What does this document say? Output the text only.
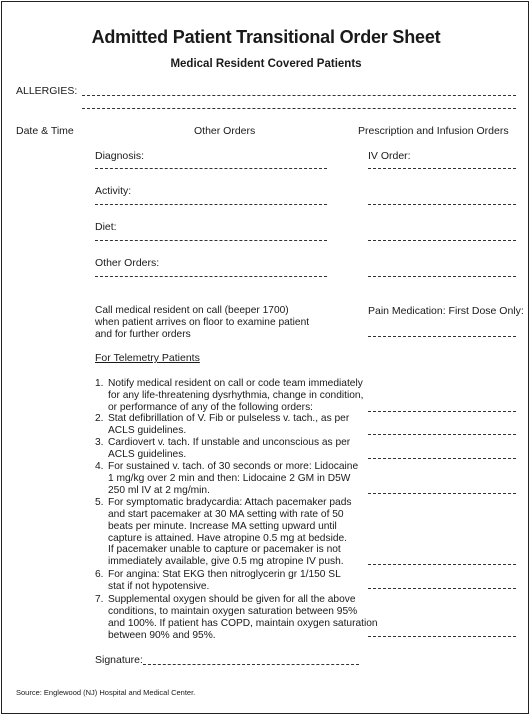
Admitted Patient Transitional Order Sheet
Medical Resident Covered Patients
ALLERGIES:
Date & Time	Other Orders	Prescription and Infusion Orders
Diagnosis:
Activity:
Diet:
Other Orders:
IV Order:
Pain Medication: First Dose Only:
Call medical resident on call (beeper 1700)
when patient arrives on floor to examine patient
and for further orders
For Telemetry Patients
1. Notify medical resident on call or code team immediately
for any life-threatening dysrhythmia, change in condition,
or performance of any of the following orders:
2. Stat defibrillation of V. Fib or pulseless v. tach., as per
ACLS guidelines.
3. Cardiovert v. tach. If unstable and unconscious as per
ACLS guidelines.
4. For sustained v. tach. of 30 seconds or more: Lidocaine
1 mg/kg over 2 min and then: Lidocaine 2 GM in D5W
250 ml IV at 2 mg/min.
5. For symptomatic bradycardia: Attach pacemaker pads
and start pacemaker at 30 MA setting with rate of 50
beats per minute. Increase MA setting upward until
capture is attained. Have atropine 0.5 mg at bedside.
If pacemaker unable to capture or pacemaker is not
immediately available, give 0.5 mg atropine IV push.
6. For angina: Stat EKG then nitroglycerin gr 1/150 SL
stat if not hypotensive.
7. Supplemental oxygen should be given for all the above
conditions, to maintain oxygen saturation between 95%
and 100%. If patient has COPD, maintain oxygen saturation
between 90% and 95%.
Signature:
Source: Englewood (NJ) Hospital and Medical Center.
